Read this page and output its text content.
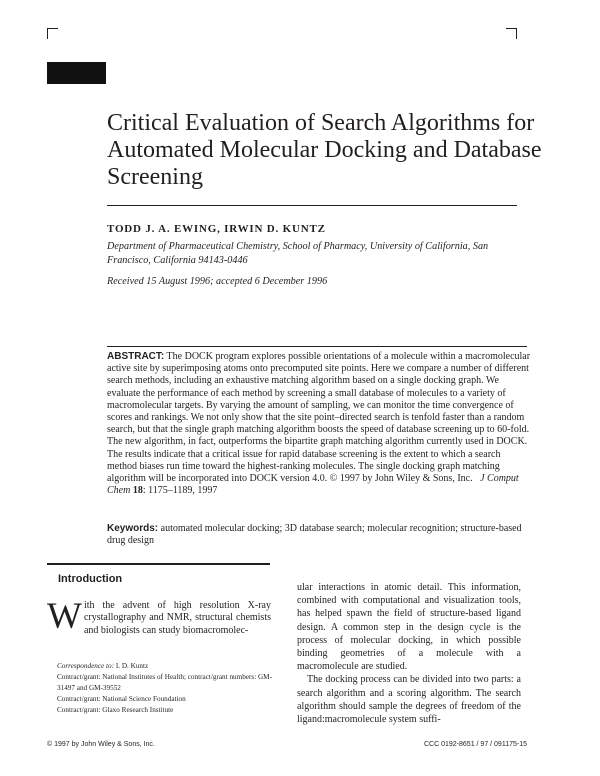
Critical Evaluation of Search Algorithms for Automated Molecular Docking and Database Screening
TODD J. A. EWING, IRWIN D. KUNTZ
Department of Pharmaceutical Chemistry, School of Pharmacy, University of California, San Francisco, California 94143-0446
Received 15 August 1996; accepted 6 December 1996
ABSTRACT: The DOCK program explores possible orientations of a molecule within a macromolecular active site by superimposing atoms onto precomputed site points. Here we compare a number of different search methods, including an exhaustive matching algorithm based on a single docking graph. We evaluate the performance of each method by screening a small database of molecules to a variety of macromolecular targets. By varying the amount of sampling, we can monitor the time convergence of scores and rankings. We not only show that the site point–directed search is tenfold faster than a random search, but that the single graph matching algorithm boosts the speed of database screening up to 60-fold. The new algorithm, in fact, outperforms the bipartite graph matching algorithm currently used in DOCK. The results indicate that a critical issue for rapid database screening is the extent to which a search method biases run time toward the highest-ranking molecules. The single docking graph matching algorithm will be incorporated into DOCK version 4.0. © 1997 by John Wiley & Sons, Inc. J Comput Chem 18: 1175–1189, 1997
Keywords: automated molecular docking; 3D database search; molecular recognition; structure-based drug design
Introduction
With the advent of high resolution X-ray crystallography and NMR, structural chemists and biologists can study biomacromolec-

Correspondence to: I. D. Kuntz

Contract/grant: National Institutes of Health; contract/grant numbers: GM-31497 and GM-39552

Contract/grant: National Science Foundation

Contract/grant: Glaxo Research Institute

ular interactions in atomic detail. This information, combined with computational and visualization tools, has helped spawn the field of structure-based ligand design. A common step in the design cycle is the process of molecular docking, in which possible binding geometries of a molecule with a macromolecule are studied.

The docking process can be divided into two parts: a search algorithm and a scoring algorithm. The search algorithm should sample the degrees of freedom of the ligand:macromolecule system suffi-

© 1997 by John Wiley & Sons, Inc.	CCC 0192-8651 / 97 / 091175-15
